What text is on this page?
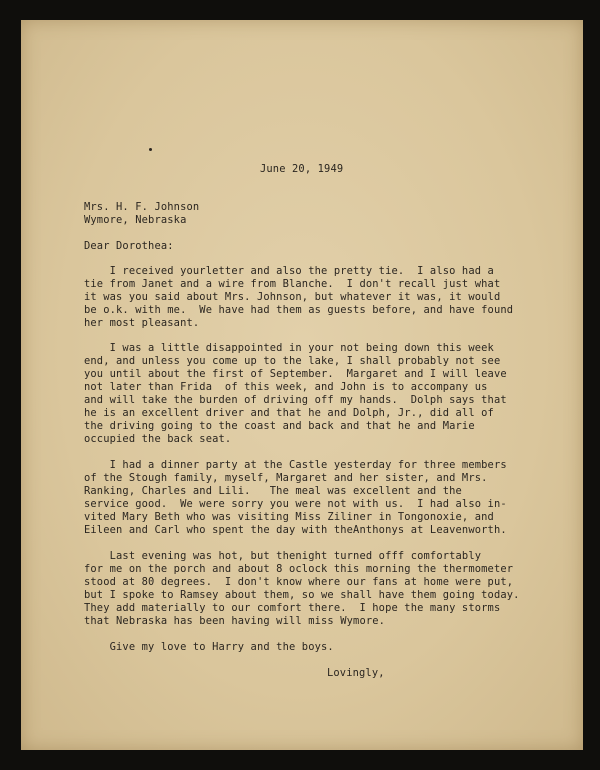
June 20, 1949
Mrs. H. F. Johnson
Wymore, Nebraska
Dear Dorothea:
I received yourletter and also the pretty tie.  I also had a
tie from Janet and a wire from Blanche.  I don't recall just what
it was you said about Mrs. Johnson, but whatever it was, it would
be o.k. with me.  We have had them as guests before, and have found
her most pleasant.
I was a little disappointed in your not being down this week
end, and unless you come up to the lake, I shall probably not see
you until about the first of September.  Margaret and I will leave
not later than Frida  of this week, and John is to accompany us
and will take the burden of driving off my hands.  Dolph says that
he is an excellent driver and that he and Dolph, Jr., did all of
the driving going to the coast and back and that he and Marie
occupied the back seat.
I had a dinner party at the Castle yesterday for three members
of the Stough family, myself, Margaret and her sister, and Mrs.
Ranking, Charles and Lili.   The meal was excellent and the
service good.  We were sorry you were not with us.  I had also in-
vited Mary Beth who was visiting Miss Ziliner in Tongonoxie, and
Eileen and Carl who spent the day with theAnthonys at Leavenworth.
Last evening was hot, but thenight turned offf comfortably
for me on the porch and about 8 oclock this morning the thermometer
stood at 80 degrees.  I don't know where our fans at home were put,
but I spoke to Ramsey about them, so we shall have them going today.
They add materially to our comfort there.  I hope the many storms
that Nebraska has been having will miss Wymore.
Give my love to Harry and the boys.
Lovingly,
